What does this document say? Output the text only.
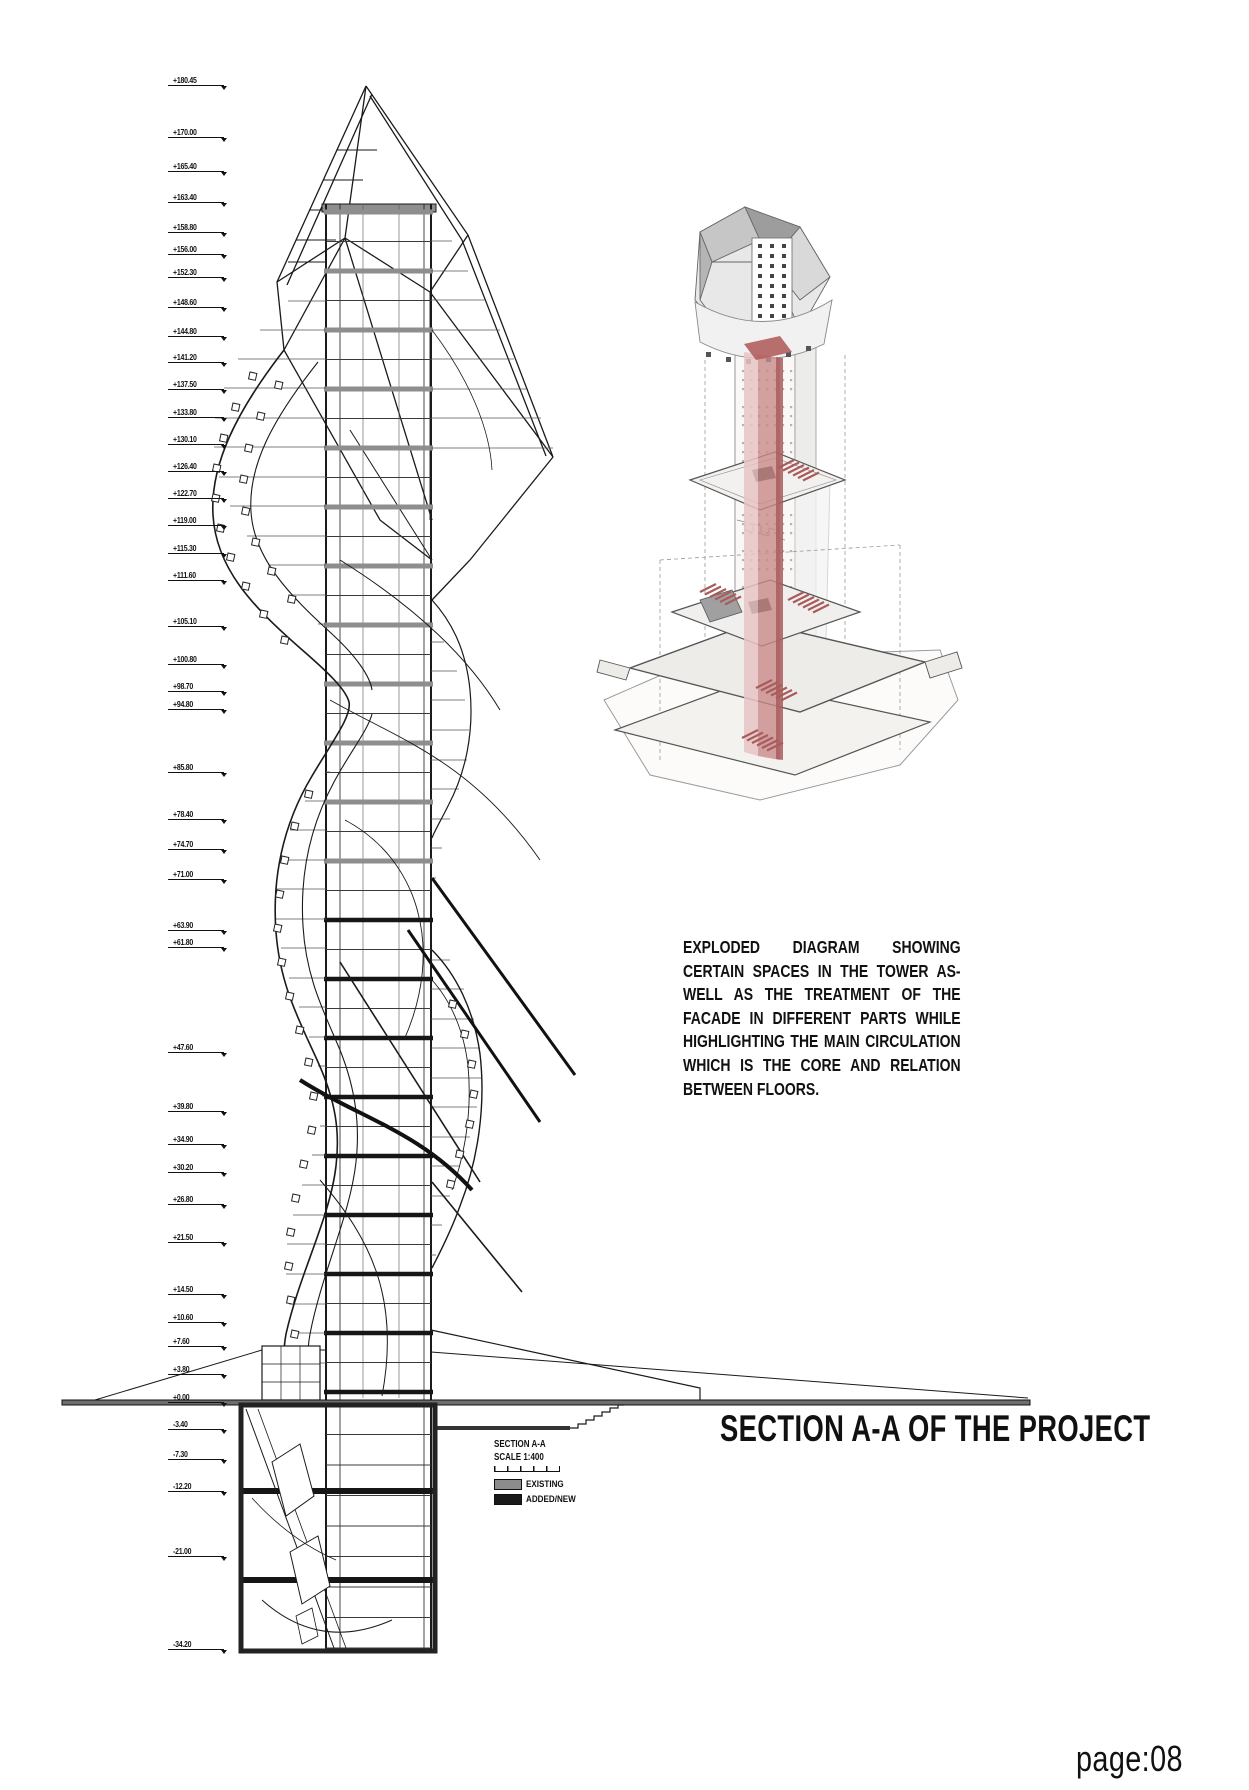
+180.45
+170.00
+165.40
+163.40
+158.80
+156.00
+152.30
+148.60
+144.80
+141.20
+137.50
+133.80
+130.10
+126.40
+122.70
+119.00
+115.30
+111.60
+105.10
+100.80
+98.70
+94.80
+85.80
+78.40
+74.70
+71.00
+63.90
+61.80
+47.60
+39.80
+34.90
+30.20
+26.80
+21.50
+14.50
+10.60
+7.60
+3.80
+0.00
-3.40
-7.30
-12.20
-21.00
-34.20
EXPLODED DIAGRAM SHOWING CERTAIN SPACES IN THE TOWER AS-WELL AS THE TREATMENT OF THE FACADE IN DIFFERENT PARTS WHILE HIGHLIGHTING THE MAIN CIRCULATION WHICH IS THE CORE AND RELATION BETWEEN FLOORS.
SECTION A-A
SCALE 1:400
EXISTING
ADDED/NEW
SECTION A-A OF THE PROJECT
page:08
